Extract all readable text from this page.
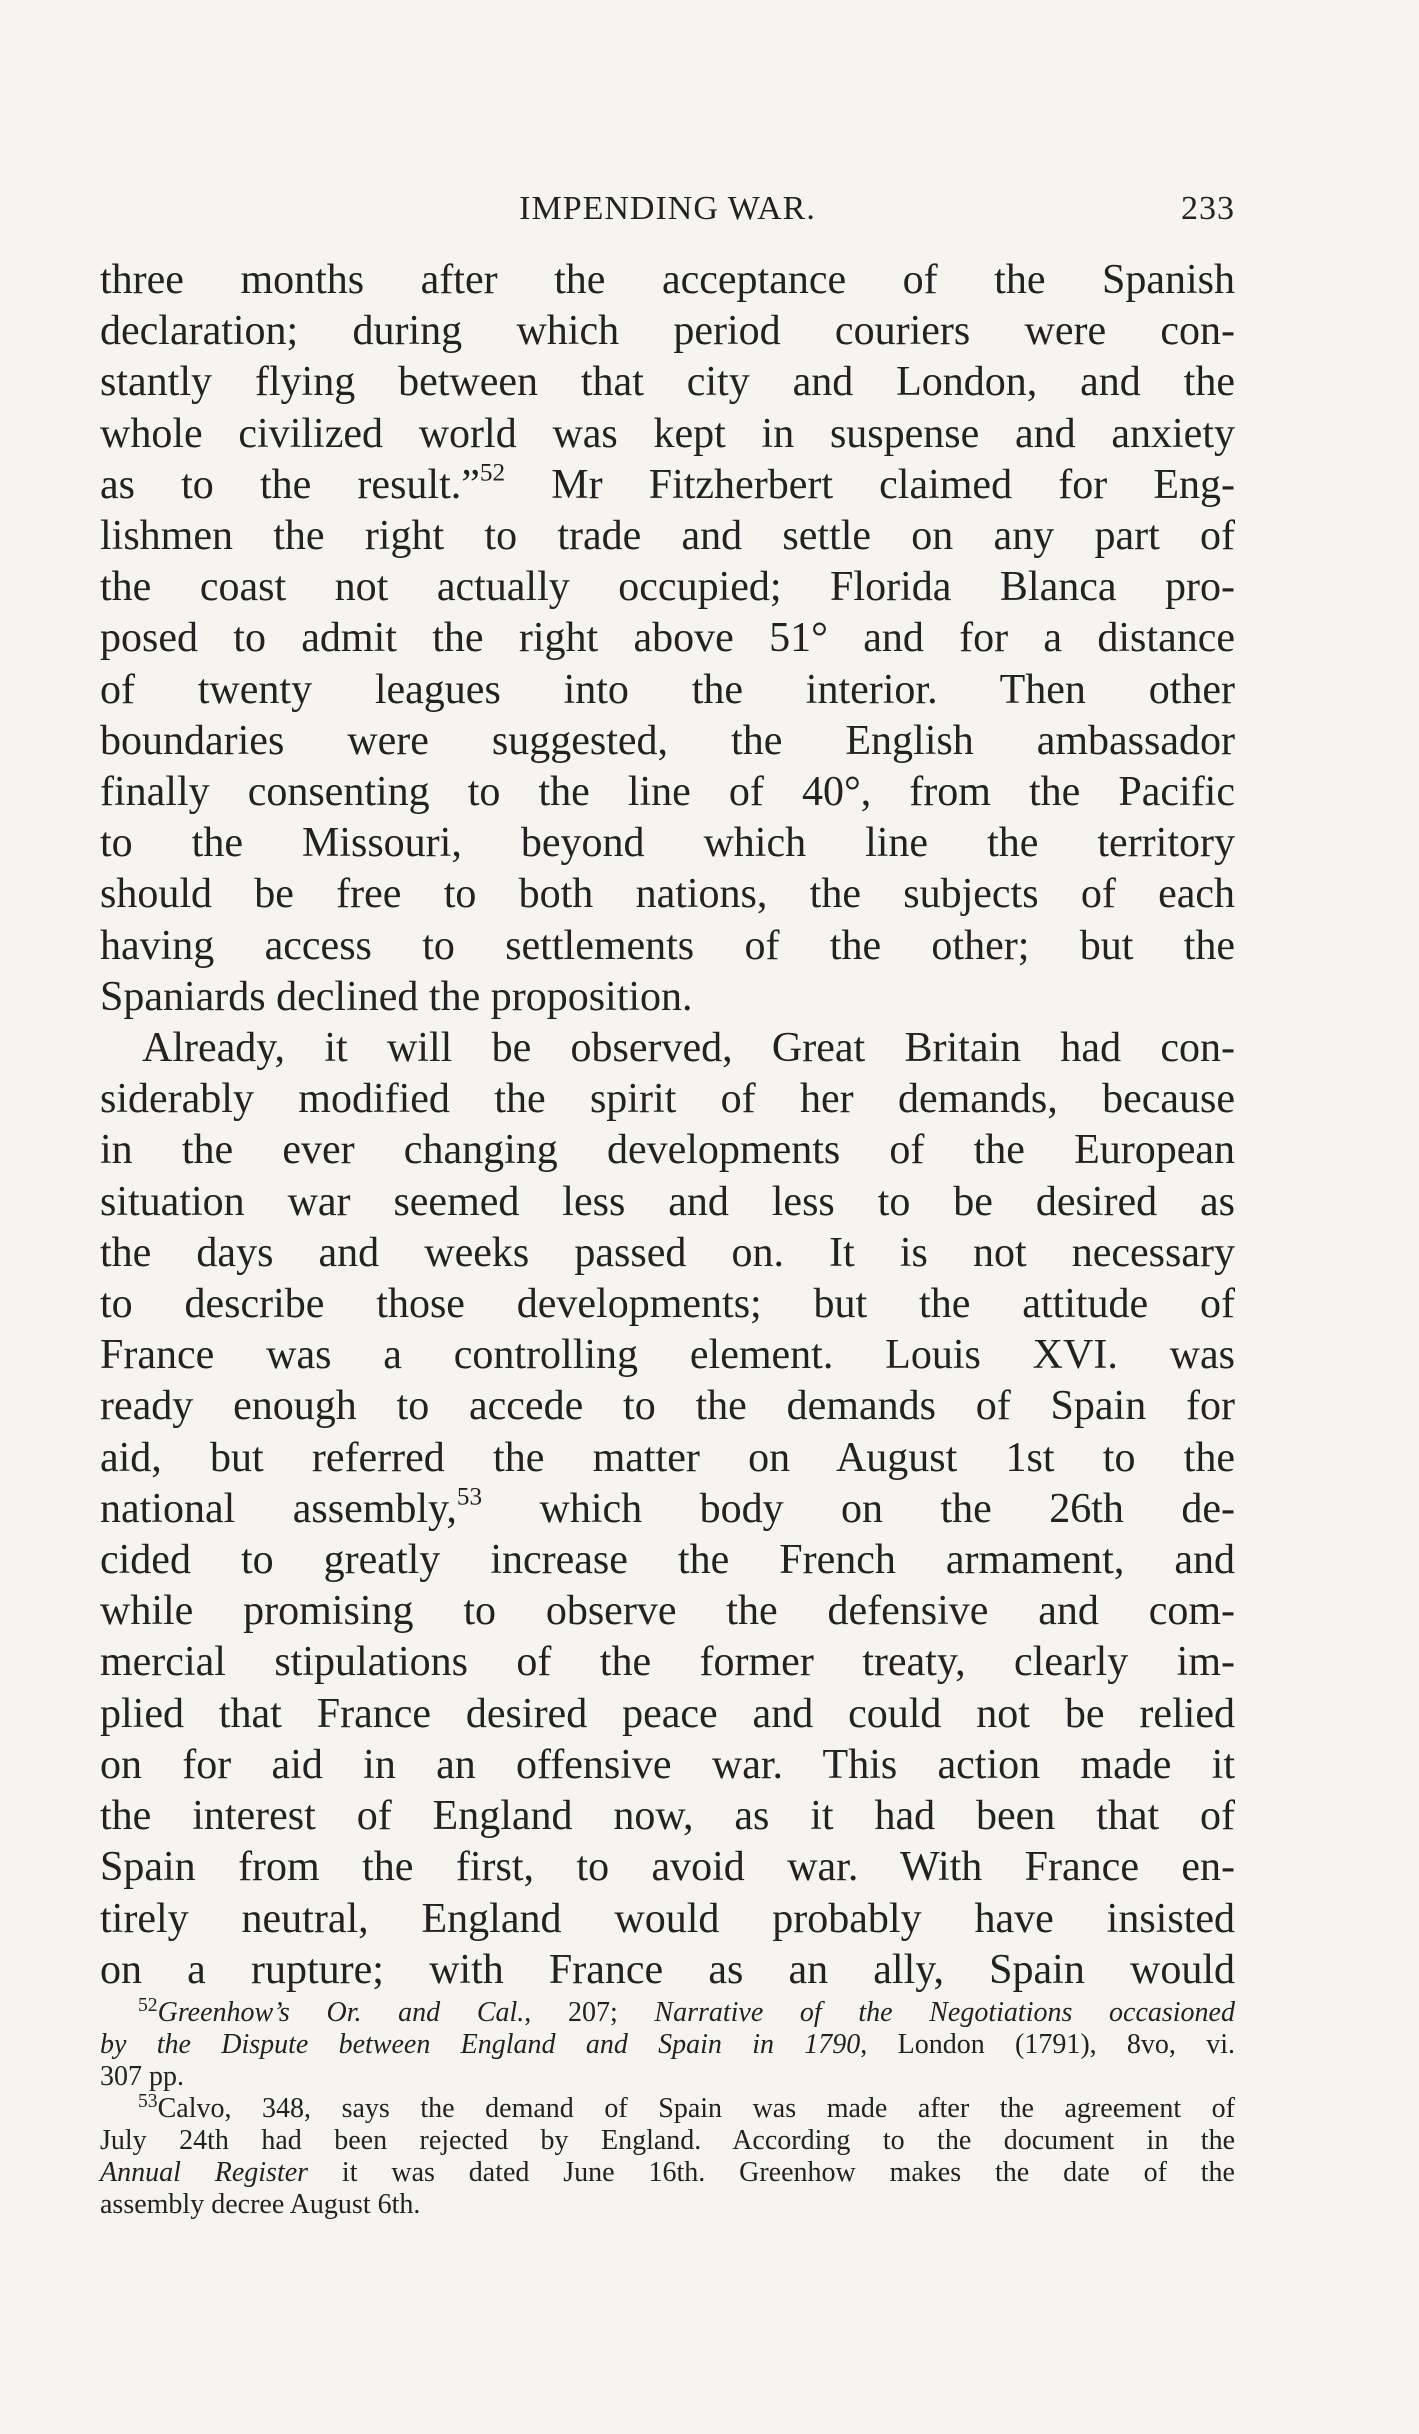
IMPENDING WAR.	233
three months after the acceptance of the Spanish
declaration; during which period couriers were con-
stantly flying between that city and London, and the
whole civilized world was kept in suspense and anxiety
as to the result.”$^{52}$ Mr Fitzherbert claimed for Eng-
lishmen the right to trade and settle on any part of
the coast not actually occupied; Florida Blanca pro-
posed to admit the right above 51° and for a distance
of twenty leagues into the interior. Then other
boundaries were suggested, the English ambassador
finally consenting to the line of 40°, from the Pacific
to the Missouri, beyond which line the territory
should be free to both nations, the subjects of each
having access to settlements of the other; but the
Spaniards declined the proposition.
Already, it will be observed, Great Britain had con-
siderably modified the spirit of her demands, because
in the ever changing developments of the European
situation war seemed less and less to be desired as
the days and weeks passed on. It is not necessary
to describe those developments; but the attitude of
France was a controlling element. Louis XVI. was
ready enough to accede to the demands of Spain for
aid, but referred the matter on August 1st to the
national assembly,$^{53}$ which body on the 26th de-
cided to greatly increase the French armament, and
while promising to observe the defensive and com-
mercial stipulations of the former treaty, clearly im-
plied that France desired peace and could not be relied
on for aid in an offensive war. This action made it
the interest of England now, as it had been that of
Spain from the first, to avoid war. With France en-
tirely neutral, England would probably have insisted
on a rupture; with France as an ally, Spain would
$^{52}$Greenhow’s Or. and Cal., 207; Narrative of the Negotiations occasioned
by the Dispute between England and Spain in 1790, London (1791), 8vo, vi.
307 pp.
$^{53}$Calvo, 348, says the demand of Spain was made after the agreement of
July 24th had been rejected by England. According to the document in the
Annual Register it was dated June 16th. Greenhow makes the date of the
assembly decree August 6th.
